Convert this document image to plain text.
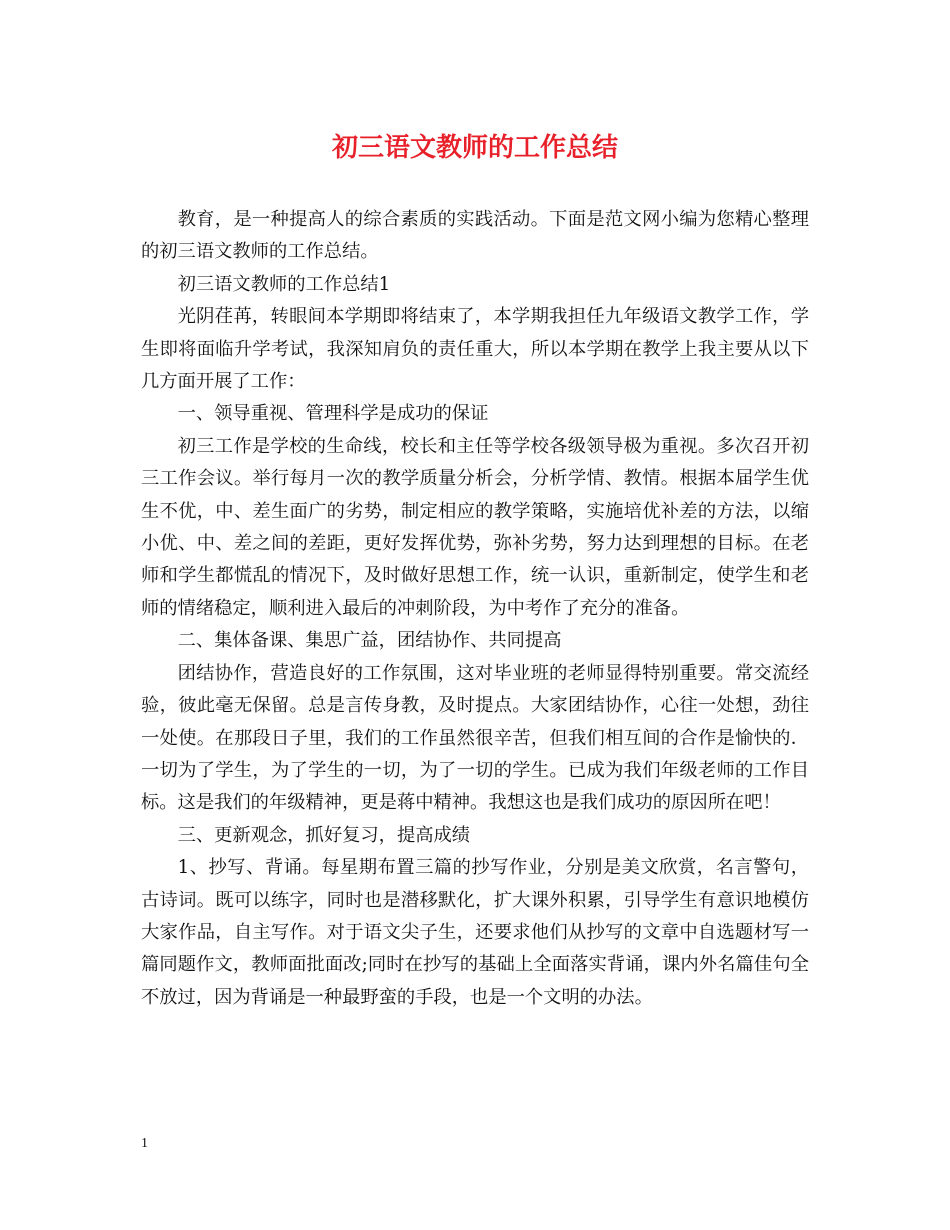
初三语文教师的工作总结

教育，是一种提高人的综合素质的实践活动。下面是范文网小编为您精心整理的初三语文教师的工作总结。

初三语文教师的工作总结1

光阴荏苒，转眼间本学期即将结束了，本学期我担任九年级语文教学工作，学生即将面临升学考试，我深知肩负的责任重大，所以本学期在教学上我主要从以下几方面开展了工作：

一、领导重视、管理科学是成功的保证

初三工作是学校的生命线，校长和主任等学校各级领导极为重视。多次召开初三工作会议。举行每月一次的教学质量分析会，分析学情、教情。根据本届学生优生不优，中、差生面广的劣势，制定相应的教学策略，实施培优补差的方法，以缩小优、中、差之间的差距，更好发挥优势，弥补劣势，努力达到理想的目标。在老师和学生都慌乱的情况下，及时做好思想工作，统一认识，重新制定，使学生和老师的情绪稳定，顺利进入最后的冲刺阶段，为中考作了充分的准备。

二、集体备课、集思广益，团结协作、共同提高

团结协作，营造良好的工作氛围，这对毕业班的老师显得特别重要。常交流经验，彼此毫无保留。总是言传身教，及时提点。大家团结协作，心往一处想，劲往一处使。在那段日子里，我们的工作虽然很辛苦，但我们相互间的合作是愉快的．一切为了学生，为了学生的一切，为了一切的学生。已成为我们年级老师的工作目标。这是我们的年级精神，更是蒋中精神。我想这也是我们成功的原因所在吧！

三、更新观念，抓好复习，提高成绩

1、抄写、背诵。每星期布置三篇的抄写作业，分别是美文欣赏，名言警句，古诗词。既可以练字，同时也是潜移默化，扩大课外积累，引导学生有意识地模仿大家作品，自主写作。对于语文尖子生，还要求他们从抄写的文章中自选题材写一篇同题作文，教师面批面改;同时在抄写的基础上全面落实背诵，课内外名篇佳句全不放过，因为背诵是一种最野蛮的手段，也是一个文明的办法。

1
